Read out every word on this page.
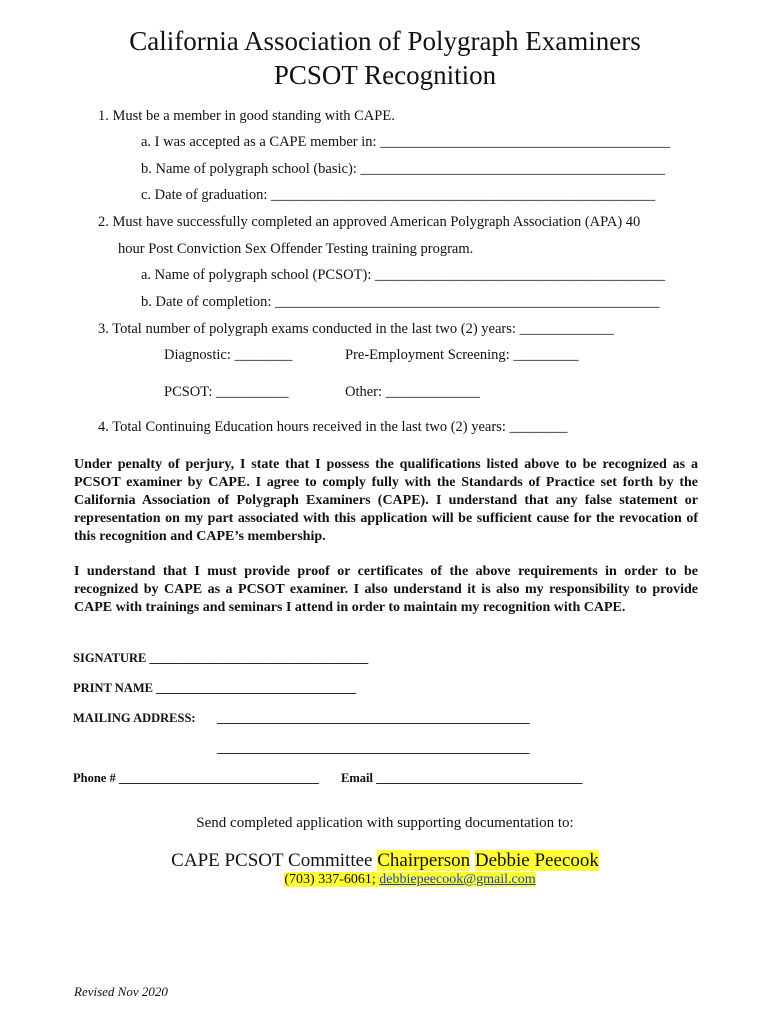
California Association of Polygraph Examiners
PCSOT Recognition
1. Must be a member in good standing with CAPE.
a. I was accepted as a CAPE member in: ________________________________________
b. Name of polygraph school (basic): __________________________________________
c. Date of graduation: _____________________________________________________
2. Must have successfully completed an approved American Polygraph Association (APA) 40
hour Post Conviction Sex Offender Testing training program.
a. Name of polygraph school (PCSOT): ________________________________________
b. Date of completion: _____________________________________________________
3. Total number of polygraph exams conducted in the last two (2) years: _____________
Diagnostic: ________	Pre-Employment Screening: _________
PCSOT: __________	Other: _____________
4. Total Continuing Education hours received in the last two (2) years: ________
Under penalty of perjury, I state that I possess the qualifications listed above to be recognized as a PCSOT examiner by CAPE. I agree to comply fully with the Standards of Practice set forth by the California Association of Polygraph Examiners (CAPE). I understand that any false statement or representation on my part associated with this application will be sufficient cause for the revocation of this recognition and CAPE’s membership.
I understand that I must provide proof or certificates of the above requirements in order to be recognized by CAPE as a PCSOT examiner. I also understand it is also my responsibility to provide CAPE with trainings and seminars I attend in order to maintain my recognition with CAPE.
SIGNATURE ___________________________________
PRINT NAME ________________________________
MAILING ADDRESS: __________________________________________________
__________________________________________________
Phone # ________________________________ Email _________________________________
Send completed application with supporting documentation to:
CAPE PCSOT Committee Chairperson Debbie Peecook
(703) 337-6061; debbiepeecook@gmail.com
Revised Nov 2020
